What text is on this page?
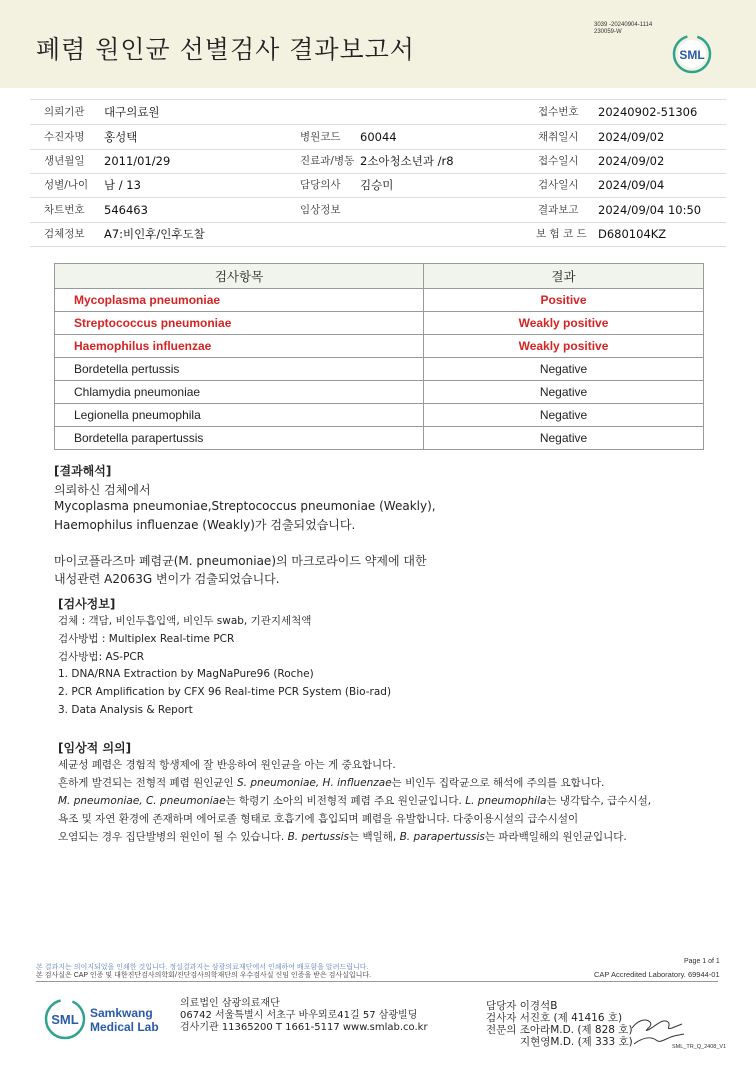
폐렴 원인균 선별검사 결과보고서
3039 -20240904-1114
230059-W
SML
의뢰기관 대구의료원	접수번호 20240902-51306
수진자명 홍성택	병원코드 60044	채취일시 2024/09/02
생년월일 2011/01/29	진료과/병동 2소아청소년과 /r8	접수일시 2024/09/02
성별/나이 남 / 13	담당의사 김승미	검사일시 2024/09/04
차트번호 546463	임상정보	결과보고 2024/09/04 10:50
검체정보 A7:비인후/인후도찰	보 험 코 드 D680104KZ
검사항목	결과
Mycoplasma pneumoniae	Positive
Streptococcus pneumoniae	Weakly positive
Haemophilus influenzae	Weakly positive
Bordetella pertussis	Negative
Chlamydia pneumoniae	Negative
Legionella pneumophila	Negative
Bordetella parapertussis	Negative
[결과해석]
의뢰하신 검체에서
Mycoplasma pneumoniae,Streptococcus pneumoniae (Weakly),
Haemophilus influenzae (Weakly)가 검출되었습니다.
마이코플라즈마 폐렴균(M. pneumoniae)의 마크로라이드 약제에 대한
내성관련 A2063G 변이가 검출되었습니다.
[검사정보]
검체 : 객담, 비인두흡입액, 비인두 swab, 기관지세척액
검사방법 : Multiplex Real-time PCR
검사방법: AS-PCR
1. DNA/RNA Extraction by MagNaPure96 (Roche)
2. PCR Amplification by CFX 96 Real-time PCR System (Bio-rad)
3. Data Analysis & Report
[임상적 의의]
세균성 폐렴은 경험적 항생제에 잘 반응하여 원인균을 아는 게 중요합니다.
흔하게 발견되는 전형적 폐렴 원인균인 S. pneumoniae, H. influenzae는 비인두 집락균으로 해석에 주의를 요합니다.
M. pneumoniae, C. pneumoniae는 학령기 소아의 비전형적 폐렴 주요 원인균입니다. L. pneumophila는 냉각탑수, 급수시설,
욕조 및 자연 환경에 존재하며 에어로졸 형태로 호흡기에 흡입되며 폐렴을 유발합니다. 다중이용시설의 급수시설이
오염되는 경우 집단발병의 원인이 될 수 있습니다. B. pertussis는 백일해, B. parapertussis는 파라백일해의 원인균입니다.
본 결과지는 의이지되었을 인쇄한 것입니다. 정실결과지는 삼광의료재단에서 인쇄하여 배포함을 알려드립니다.
본 검사실은 CAP 인증 및 대한진단검사의학회/진단검사의학재단의 우수검사실 신임 인증을 받은 검사실입니다.
Page 1 of 1
CAP Accredited Laboratory. 69944-01
SML Samkwang
Medical Lab
의료법인 삼광의료재단
06742 서울특별시 서초구 바우뫼로41길 57 삼광빌딩
검사기관 11365200 T 1661-5117 www.smlab.co.kr
담당자 이경석B
검사자 서진호 (제 41416 호)
전문의 조아라M.D. (제 828 호)
지현영M.D. (제 333 호)	SML_TR_Q_2408_V1
